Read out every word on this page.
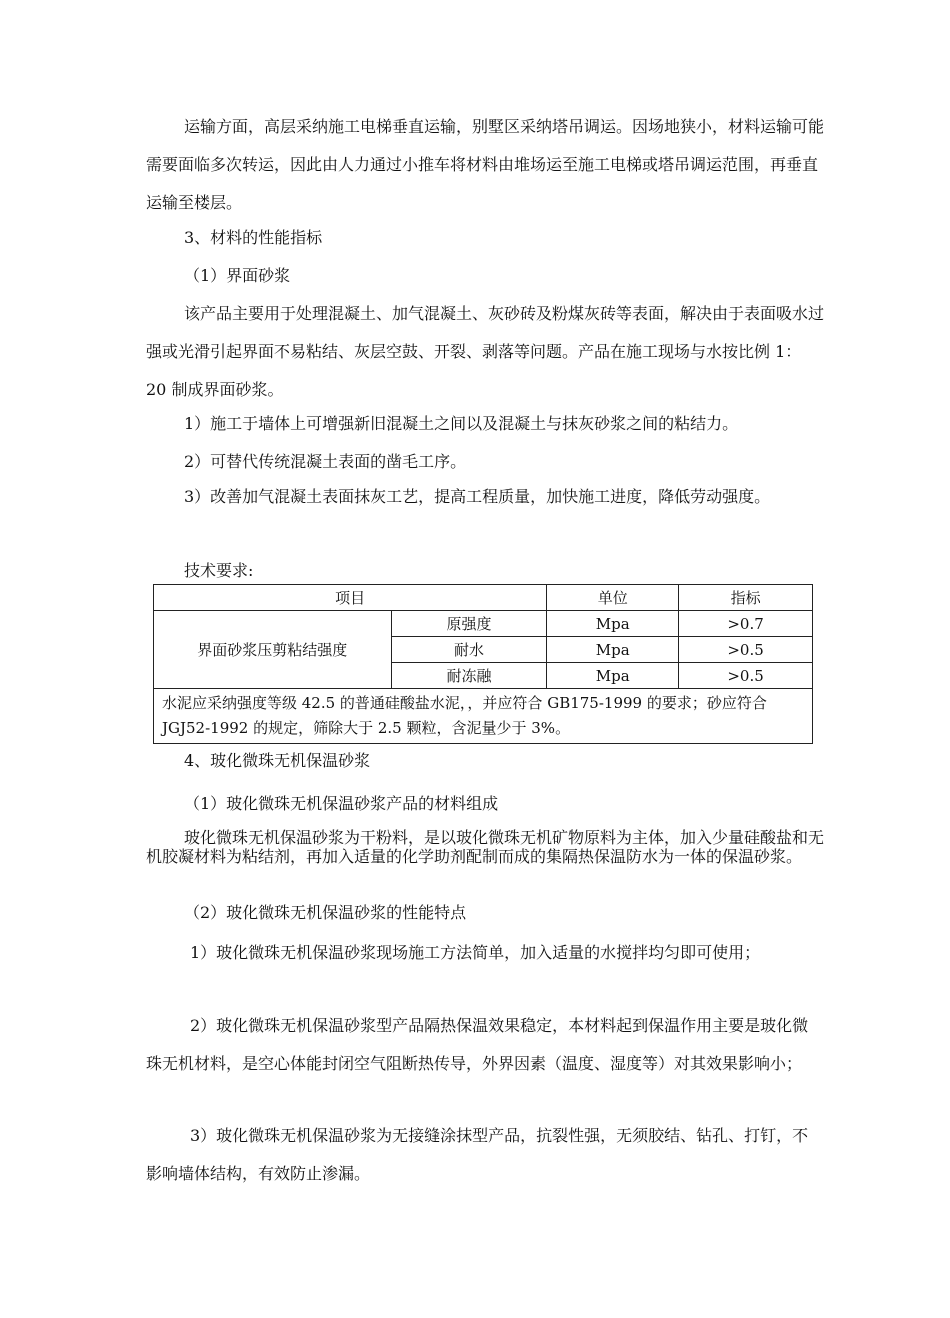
运输方面，高层采纳施工电梯垂直运输，别墅区采纳塔吊调运。因场地狭小，材料运输可能需要面临多次转运，因此由人力通过小推车将材料由堆场运至施工电梯或塔吊调运范围，再垂直运输至楼层。

3、材料的性能指标

（1）界面砂浆

该产品主要用于处理混凝土、加气混凝土、灰砂砖及粉煤灰砖等表面，解决由于表面吸水过强或光滑引起界面不易粘结、灰层空鼓、开裂、剥落等问题。产品在施工现场与水按比例 1： 20 制成界面砂浆。

1）施工于墙体上可增强新旧混凝土之间以及混凝土与抹灰砂浆之间的粘结力。

2）可替代传统混凝土表面的凿毛工序。

3）改善加气混凝土表面抹灰工艺，提高工程质量，加快施工进度，降低劳动强度。

技术要求:

项目		单位	指标
界面砂浆压剪粘结强度	原强度	Mpa	>0.7
	耐水	Mpa	>0.5
	耐冻融	Mpa	>0.5
水泥应采纳强度等级 42.5 的普通硅酸盐水泥，，并应符合 GB175-1999 的要求；砂应符合 JGJ52-1992 的规定，筛除大于 2.5 颗粒，含泥量少于 3%。			

4、玻化微珠无机保温砂浆

（1）玻化微珠无机保温砂浆产品的材料组成

玻化微珠无机保温砂浆为干粉料，是以玻化微珠无机矿物原料为主体，加入少量硅酸盐和无机胶凝材料为粘结剂，再加入适量的化学助剂配制而成的集隔热保温防水为一体的保温砂浆。

（2）玻化微珠无机保温砂浆的性能特点

1）玻化微珠无机保温砂浆现场施工方法简单，加入适量的水搅拌均匀即可使用；

2）玻化微珠无机保温砂浆型产品隔热保温效果稳定，本材料起到保温作用主要是玻化微珠无机材料，是空心体能封闭空气阻断热传导，外界因素（温度、湿度等）对其效果影响小；

3）玻化微珠无机保温砂浆为无接缝涂抹型产品，抗裂性强，无须胶结、钻孔、打钉，不影响墙体结构，有效防止渗漏。
